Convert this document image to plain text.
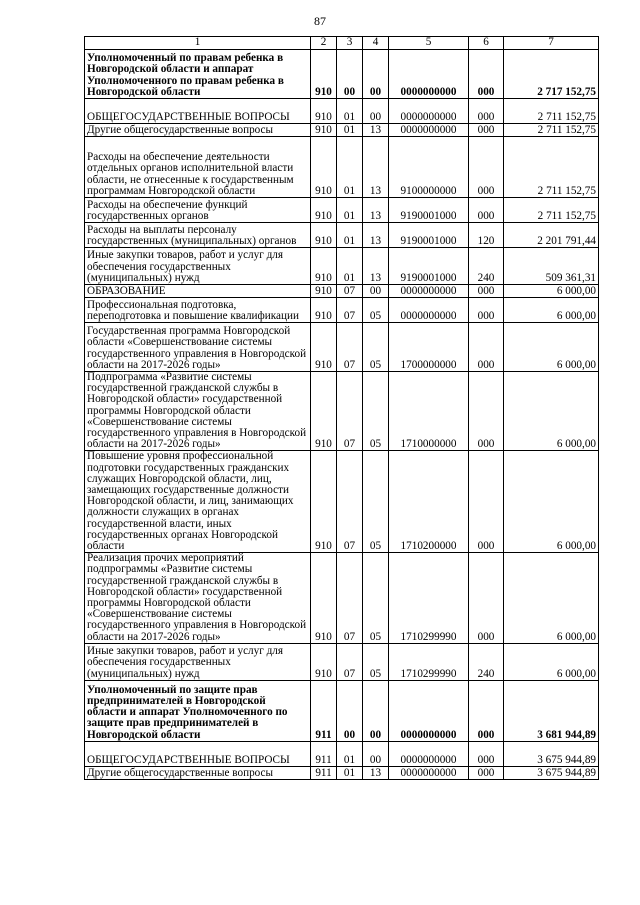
87
1	2	3	4	5	6	7
Уполномоченный по правам ребенка в Новгородской области и аппарат Уполномоченного по правам ребенка в Новгородской области	910	00	00	0000000000	000	2 717 152,75
ОБЩЕГОСУДАРСТВЕННЫЕ ВОПРОСЫ	910	01	00	0000000000	000	2 711 152,75
Другие общегосударственные вопросы	910	01	13	0000000000	000	2 711 152,75
Расходы на обеспечение деятельности отдельных органов исполнительной власти области, не отнесенные к государственным программам Новгородской области	910	01	13	9100000000	000	2 711 152,75
Расходы на обеспечение функций государственных органов	910	01	13	9190001000	000	2 711 152,75
Расходы на выплаты персоналу государственных (муниципальных) органов	910	01	13	9190001000	120	2 201 791,44
Иные закупки товаров, работ и услуг для обеспечения государственных (муниципальных) нужд	910	01	13	9190001000	240	509 361,31
ОБРАЗОВАНИЕ	910	07	00	0000000000	000	6 000,00
Профессиональная подготовка, переподготовка и повышение квалификации	910	07	05	0000000000	000	6 000,00
Государственная программа Новгородской области «Совершенствование системы государственного управления в Новгородской области на 2017-2026 годы»	910	07	05	1700000000	000	6 000,00
Подпрограмма «Развитие системы государственной гражданской службы в Новгородской области» государственной программы Новгородской области «Совершенствование системы государственного управления в Новгородской области на 2017-2026 годы»	910	07	05	1710000000	000	6 000,00
Повышение уровня профессиональной подготовки государственных гражданских служащих Новгородской области, лиц, замещающих государственные должности Новгородской области, и лиц, занимающих должности служащих в органах государственной власти, иных государственных органах Новгородской области	910	07	05	1710200000	000	6 000,00
Реализация прочих мероприятий подпрограммы «Развитие системы государственной гражданской службы в Новгородской области» государственной программы Новгородской области «Совершенствование системы государственного управления в Новгородской области на 2017-2026 годы»	910	07	05	1710299990	000	6 000,00
Иные закупки товаров, работ и услуг для обеспечения государственных (муниципальных) нужд	910	07	05	1710299990	240	6 000,00
Уполномоченный по защите прав предпринимателей в Новгородской области и аппарат Уполномоченного по защите прав предпринимателей в Новгородской области	911	00	00	0000000000	000	3 681 944,89
ОБЩЕГОСУДАРСТВЕННЫЕ ВОПРОСЫ	911	01	00	0000000000	000	3 675 944,89
Другие общегосударственные вопросы	911	01	13	0000000000	000	3 675 944,89
